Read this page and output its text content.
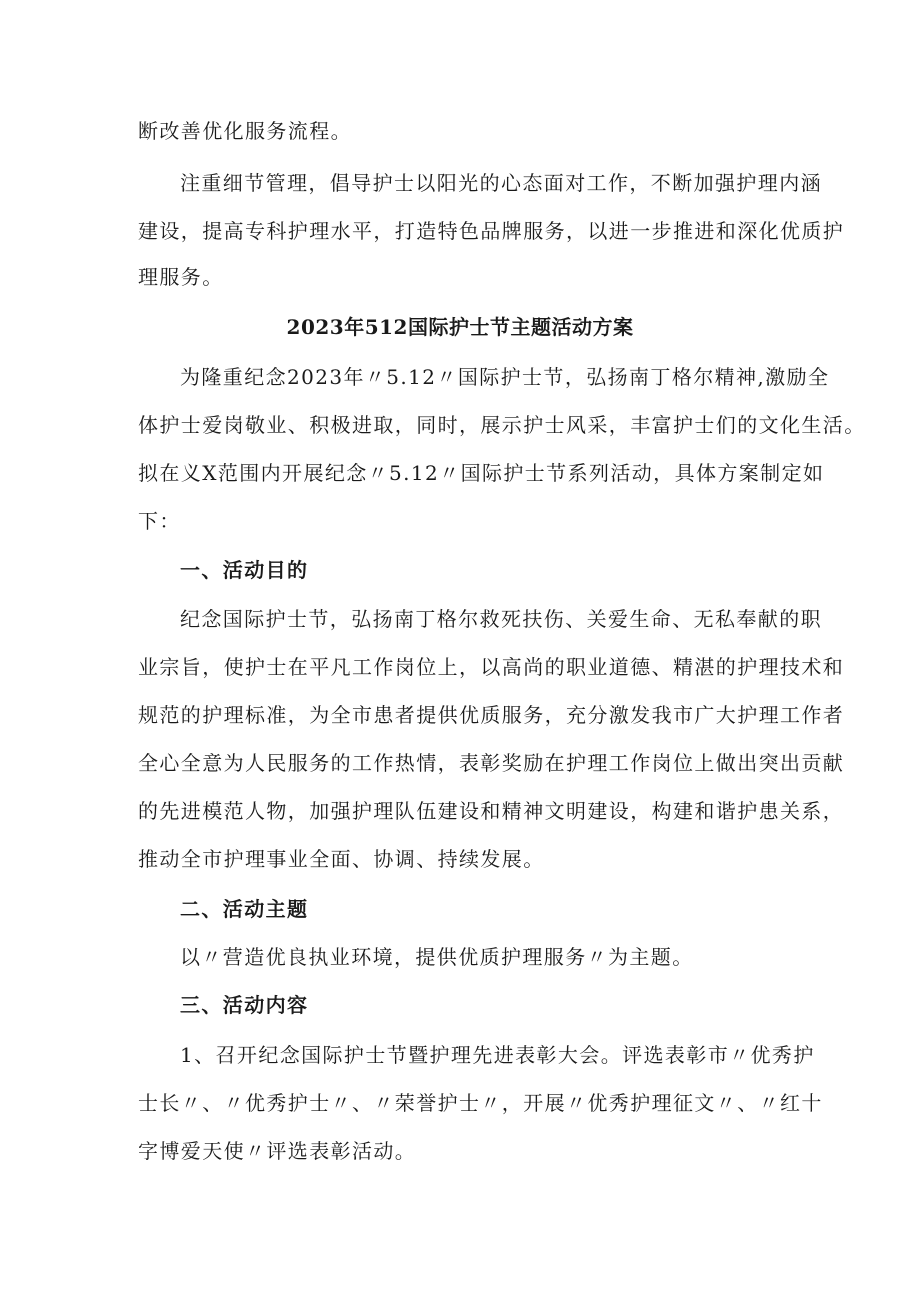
断改善优化服务流程。
注重细节管理，倡导护士以阳光的心态面对工作，不断加强护理内涵
建设，提高专科护理水平，打造特色品牌服务，以进一步推进和深化优质护
理服务。
2023年512国际护士节主题活动方案
为隆重纪念2023年〃5.12〃国际护士节，弘扬南丁格尔精神,激励全
体护士爱岗敬业、积极进取，同时，展示护士风采，丰富护士们的文化生活。
拟在义X范围内开展纪念〃5.12〃国际护士节系列活动，具体方案制定如
下：
一、活动目的
纪念国际护士节，弘扬南丁格尔救死扶伤、关爱生命、无私奉献的职
业宗旨，使护士在平凡工作岗位上，以高尚的职业道德、精湛的护理技术和
规范的护理标准，为全市患者提供优质服务，充分激发我市广大护理工作者
全心全意为人民服务的工作热情，表彰奖励在护理工作岗位上做出突出贡献
的先进模范人物，加强护理队伍建设和精神文明建设，构建和谐护患关系，
推动全市护理事业全面、协调、持续发展。
二、活动主题
以〃营造优良执业环境，提供优质护理服务〃为主题。
三、活动内容
1、召开纪念国际护士节暨护理先进表彰大会。评选表彰市〃优秀护
士长〃、〃优秀护士〃、〃荣誉护士〃，开展〃优秀护理征文〃、〃红十
字博爱天使〃评选表彰活动。
